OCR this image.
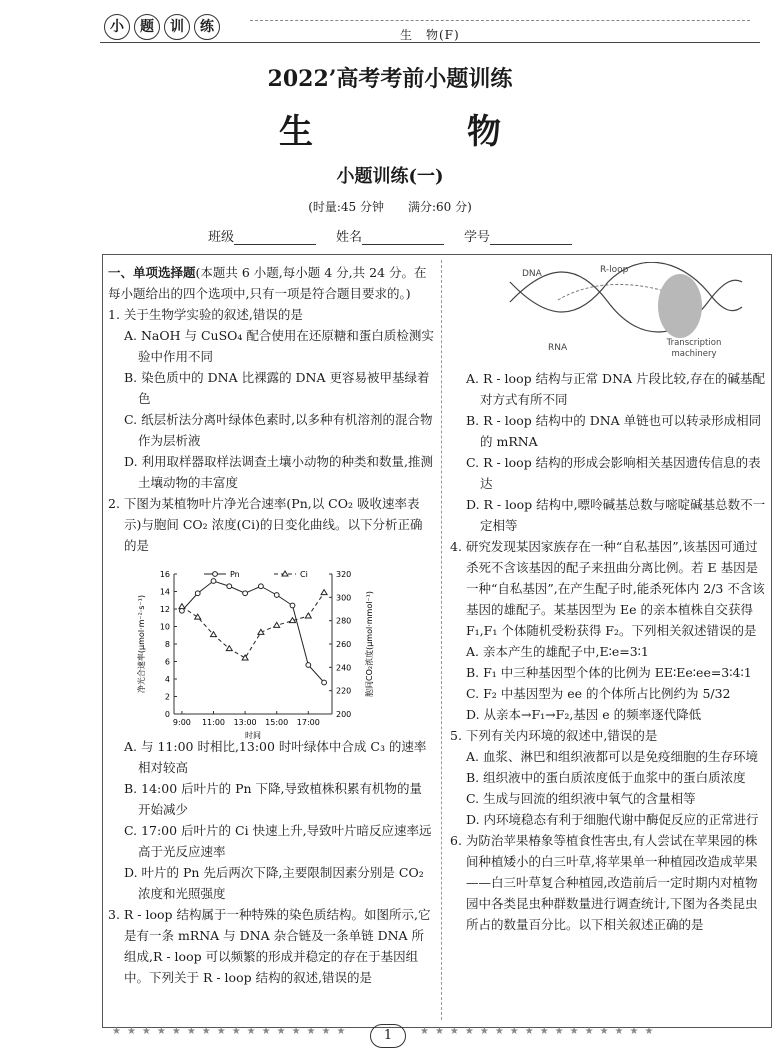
小	题	训	练	生　物(F)
2022’高考考前小题训练
生　物
小题训练(一)
(时量:45 分钟　　满分:60 分)
班级	姓名	学号

一、单项选择题(本题共 6 小题,每小题 4 分,共 24 分。在每小题给出的四个选项中,只有一项是符合题目要求的。)

1. 关于生物学实验的叙述,错误的是

A. NaOH 与 CuSO₄ 配合使用在还原糖和蛋白质检测实验中作用不同

B. 染色质中的 DNA 比裸露的 DNA 更容易被甲基绿着色

C. 纸层析法分离叶绿体色素时,以多种有机溶剂的混合物作为层析液

D. 利用取样器取样法调查土壤小动物的种类和数量,推测土壤动物的丰富度

2. 下图为某植物叶片净光合速率(Pn,以 CO₂ 吸收速率表示)与胞间 CO₂ 浓度(Ci)的日变化曲线。以下分析正确的是

A. 与 11:00 时相比,13:00 时叶绿体中合成 C₃ 的速率相对较高

B. 14:00 后叶片的 Pn 下降,导致植株积累有机物的量开始减少

C. 17:00 后叶片的 Ci 快速上升,导致叶片暗反应速率远高于光反应速率

D. 叶片的 Pn 先后两次下降,主要限制因素分别是 CO₂ 浓度和光照强度

3. R - loop 结构属于一种特殊的染色质结构。如图所示,它是有一条 mRNA 与 DNA 杂合链及一条单链 DNA 所组成,R - loop 可以频繁的形成并稳定的存在于基因组中。下列关于 R - loop 结构的叙述,错误的是

0
2
4
6
8
10
12
14
16
200
220
240
260
280
300
320
9:00 11:00 13:00 15:00 17:00
时间
净光合速率(μmol·m⁻²·s⁻¹)	胞间CO₂浓度(μmol·mmol⁻¹)
Pn	Ci
DNA	R-loop
RNA	Transcription machinery

A. R - loop 结构与正常 DNA 片段比较,存在的碱基配对方式有所不同

B. R - loop 结构中的 DNA 单链也可以转录形成相同的 mRNA

C. R - loop 结构的形成会影响相关基因遗传信息的表达

D. R - loop 结构中,嘌呤碱基总数与嘧啶碱基总数不一定相等

4. 研究发现某因家族存在一种“自私基因”,该基因可通过杀死不含该基因的配子来扭曲分离比例。若 E 基因是一种“自私基因”,在产生配子时,能杀死体内 2/3 不含该基因的雄配子。某基因型为 Ee 的亲本植株自交获得 F₁,F₁ 个体随机受粉获得 F₂。下列相关叙述错误的是

A. 亲本产生的雄配子中,E∶e=3∶1

B. F₁ 中三种基因型个体的比例为 EE∶Ee∶ee=3∶4∶1

C. F₂ 中基因型为 ee 的个体所占比例约为 5/32

D. 从亲本→F₁→F₂,基因 e 的频率逐代降低

5. 下列有关内环境的叙述中,错误的是

A. 血浆、淋巴和组织液都可以是免疫细胞的生存环境

B. 组织液中的蛋白质浓度低于血浆中的蛋白质浓度

C. 生成与回流的组织液中氧气的含量相等

D. 内环境稳态有利于细胞代谢中酶促反应的正常进行

6. 为防治苹果椿象等植食性害虫,有人尝试在苹果园的株间种植矮小的白三叶草,将苹果单一种植园改造成苹果——白三叶草复合种植园,改造前后一定时期内对植物园中各类昆虫种群数量进行调查统计,下图为各类昆虫所占的数量百分比。以下相关叙述正确的是

★★★★★★★★★★★★★★★★	1	★★★★★★★★★★★★★★★★
